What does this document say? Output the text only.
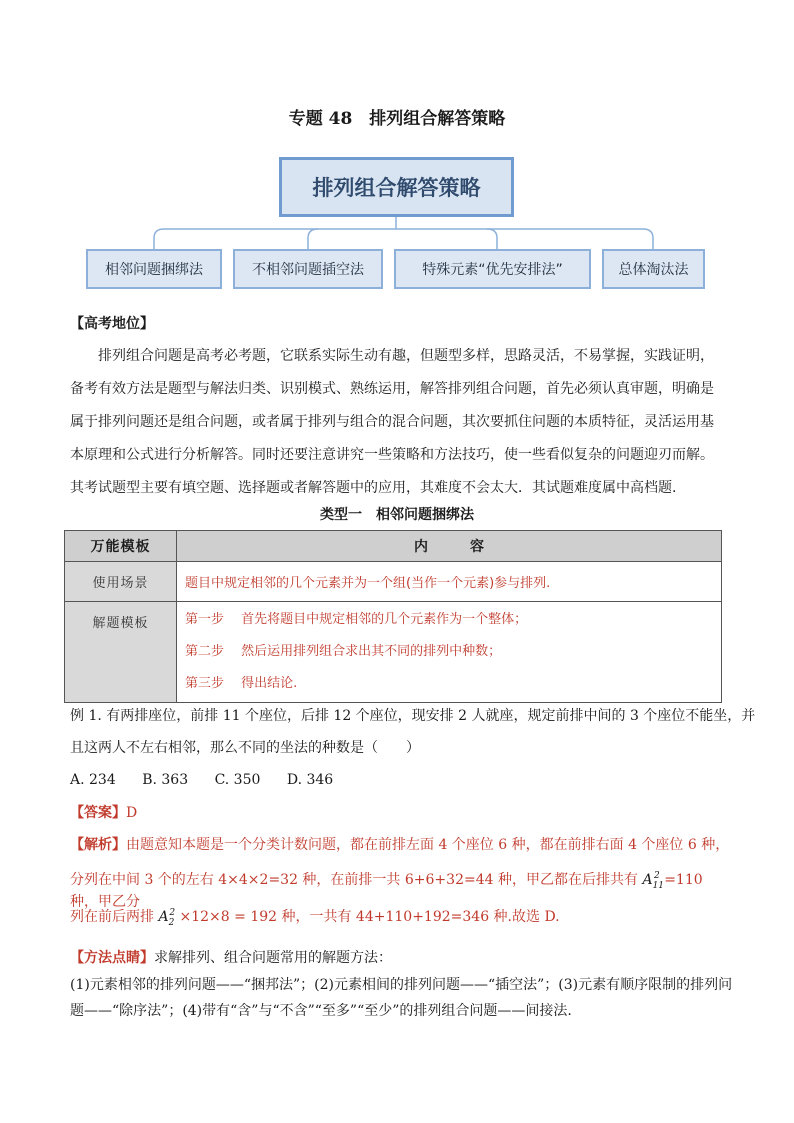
专题 48　排列组合解答策略
排列组合解答策略
相邻问题捆绑法	不相邻问题插空法	特殊元素“优先安排法”	总体淘汰法
【高考地位】
排列组合问题是高考必考题，它联系实际生动有趣，但题型多样，思路灵活，不易掌握，实践证明，
备考有效方法是题型与解法归类、识别模式、熟练运用，解答排列组合问题，首先必须认真审题，明确是
属于排列问题还是组合问题，或者属于排列与组合的混合问题，其次要抓住问题的本质特征，灵活运用基
本原理和公式进行分析解答。同时还要注意讲究一些策略和方法技巧，使一些看似复杂的问题迎刃而解。
其考试题型主要有填空题、选择题或者解答题中的应用，其难度不会太大．其试题难度属中高档题.
类型一　相邻问题捆绑法
万能模板	内　　　容
使用场景	题目中规定相邻的几个元素并为一个组(当作一个元素)参与排列.
解题模板	第一步　 首先将题目中规定相邻的几个元素作为一个整体；
第二步　 然后运用排列组合求出其不同的排列中种数；
第三步　 得出结论.
例 1. 有两排座位，前排 11 个座位，后排 12 个座位，现安排 2 人就座，规定前排中间的 3 个座位不能坐，并
且这两人不左右相邻，那么不同的坐法的种数是（　　）
A. 234 B. 363 C. 350 D. 346
【答案】D
【解析】由题意知本题是一个分类计数问题，都在前排左面 4 个座位 6 种，都在前排右面 4 个座位 6 种，
分列在中间 3 个的左右 4×4×2=32 种，在前排一共 6+6+32=44 种，甲乙都在后排共有 $A_{11}^2 =110$ 种，甲乙分
列在前后两排 $A_2^2 \times 12\times 8 = 192$ 种，一共有 44+110+192=346 种.故选 D.
【方法点睛】求解排列、组合问题常用的解题方法：
(1)元素相邻的排列问题——“捆邦法”；(2)元素相间的排列问题——“插空法”；(3)元素有顺序限制的排列问
题——“除序法”；(4)带有“含”与“不含”“至多”“至少”的排列组合问题——间接法.
